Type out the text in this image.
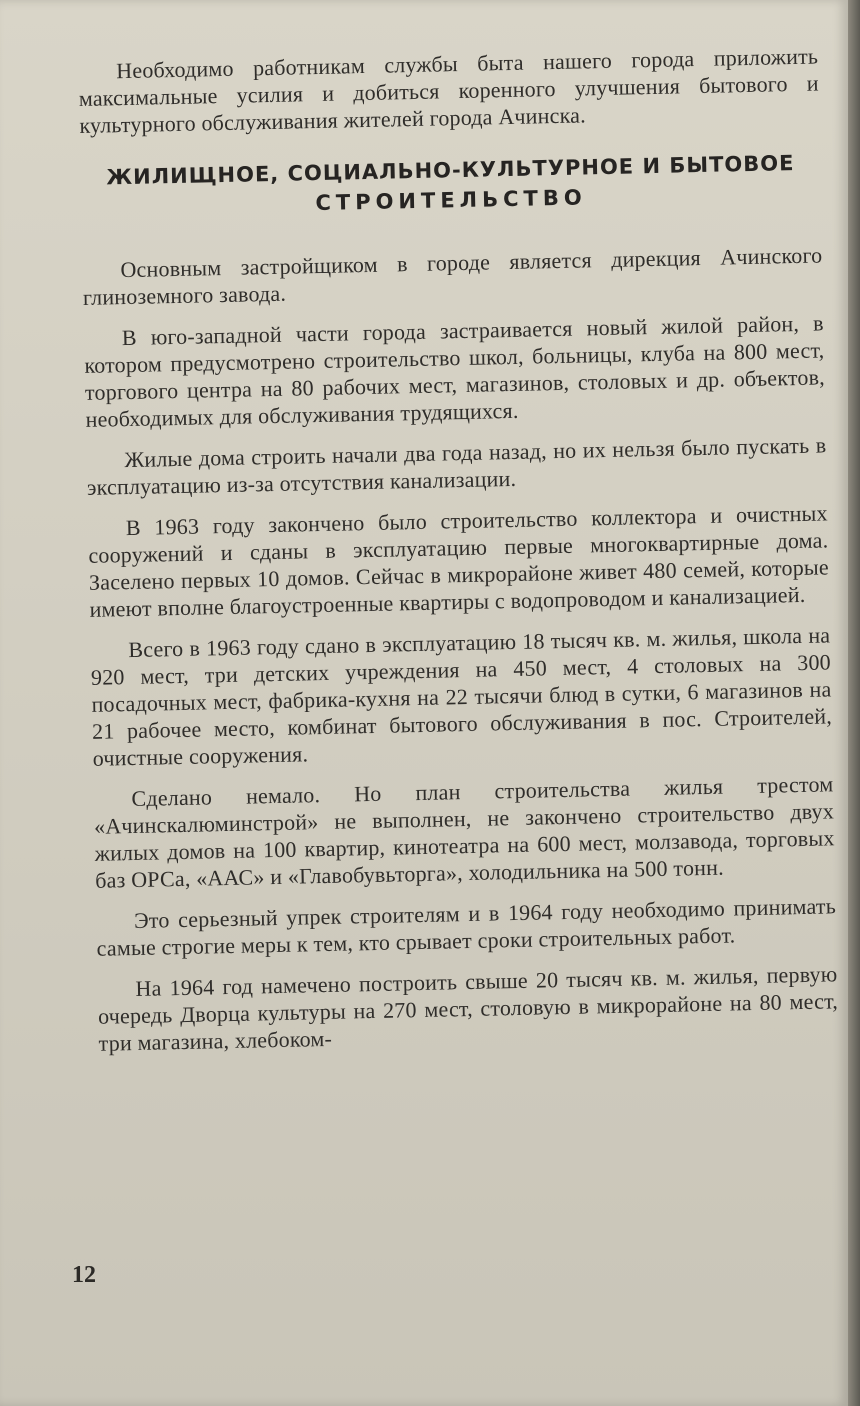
Необходимо работникам службы быта нашего города приложить максимальные усилия и добиться коренного улучшения бытового и культурного обслуживания жителей города Ачинска.

ЖИЛИЩНОЕ, СОЦИАЛЬНО-КУЛЬТУРНОЕ И БЫТОВОЕ
СТРОИТЕЛЬСТВО

Основным застройщиком в городе является дирекция Ачинского глиноземного завода.

В юго-западной части города застраивается новый жилой район, в котором предусмотрено строительство школ, больницы, клуба на 800 мест, торгового центра на 80 рабочих мест, магазинов, столовых и др. объектов, необходимых для обслуживания трудящихся.

Жилые дома строить начали два года назад, но их нельзя было пускать в эксплуатацию из-за отсутствия канализации.

В 1963 году закончено было строительство коллектора и очистных сооружений и сданы в эксплуатацию первые многоквартирные дома. Заселено первых 10 домов. Сейчас в микрорайоне живет 480 семей, которые имеют вполне благоустроенные квартиры с водопроводом и канализацией.

Всего в 1963 году сдано в эксплуатацию 18 тысяч кв. м. жилья, школа на 920 мест, три детских учреждения на 450 мест, 4 столовых на 300 посадочных мест, фабрика-кухня на 22 тысячи блюд в сутки, 6 магазинов на 21 рабочее место, комбинат бытового обслуживания в пос. Строителей, очистные сооружения.

Сделано немало. Но план строительства жилья трестом «Ачинскалюминстрой» не выполнен, не закончено строительство двух жилых домов на 100 квартир, кинотеатра на 600 мест, молзавода, торговых баз ОРСа, «ААС» и «Главобувьторга», холодильника на 500 тонн.

Это серьезный упрек строителям и в 1964 году необходимо принимать самые строгие меры к тем, кто срывает сроки строительных работ.

На 1964 год намечено построить свыше 20 тысяч кв. м. жилья, первую очередь Дворца культуры на 270 мест, столовую в микрорайоне на 80 мест, три магазина, хлебоком-

12
